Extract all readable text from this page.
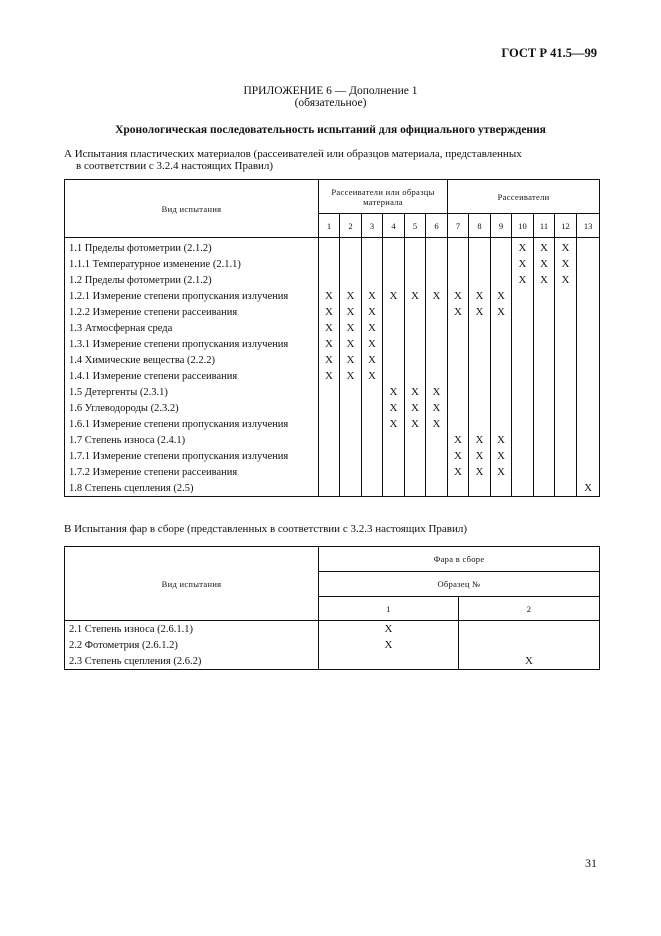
ГОСТ Р 41.5—99
ПРИЛОЖЕНИЕ 6 — Дополнение 1
(обязательное)
Хронологическая последовательность испытаний для официального утверждения
А Испытания пластических материалов (рассеивателей или образцов материала, представленных
в соответствии с 3.2.4 настоящих Правил)
Вид испытания	Рассеиватели или образцы материала						Рассеиватели						
	1	2	3	4	5	6	7	8	9	10	11	12	13
1.1 Пределы фотометрии (2.1.2)										X	X	X	
1.1.1 Температурное изменение (2.1.1)										X	X	X	
1.2 Пределы фотометрии (2.1.2)										X	X	X	
1.2.1 Измерение степени пропускания излучения	X	X	X	X	X	X	X	X	X				
1.2.2 Измерение степени рассеивания	X	X	X				X	X	X				
1.3 Атмосферная среда	X	X	X										
1.3.1 Измерение степени пропускания излучения	X	X	X										
1.4 Химические вещества (2.2.2)	X	X	X										
1.4.1 Измерение степени рассеивания	X	X	X										
1.5 Детергенты (2.3.1)				X	X	X							
1.6 Углеводороды (2.3.2)				X	X	X							
1.6.1 Измерение степени пропускания излучения				X	X	X							
1.7 Степень износа (2.4.1)							X	X	X				
1.7.1 Измерение степени пропускания излучения							X	X	X				
1.7.2 Измерение степени рассеивания							X	X	X				
1.8 Степень сцепления (2.5)													X
В Испытания фар в сборе (представленных в соответствии с 3.2.3 настоящих Правил)
Вид испытания	Фара в сборе	
	Образец №	
	1	2
2.1 Степень износа (2.6.1.1)	X	
2.2 Фотометрия (2.6.1.2)	X	
2.3 Степень сцепления (2.6.2)		X
31
